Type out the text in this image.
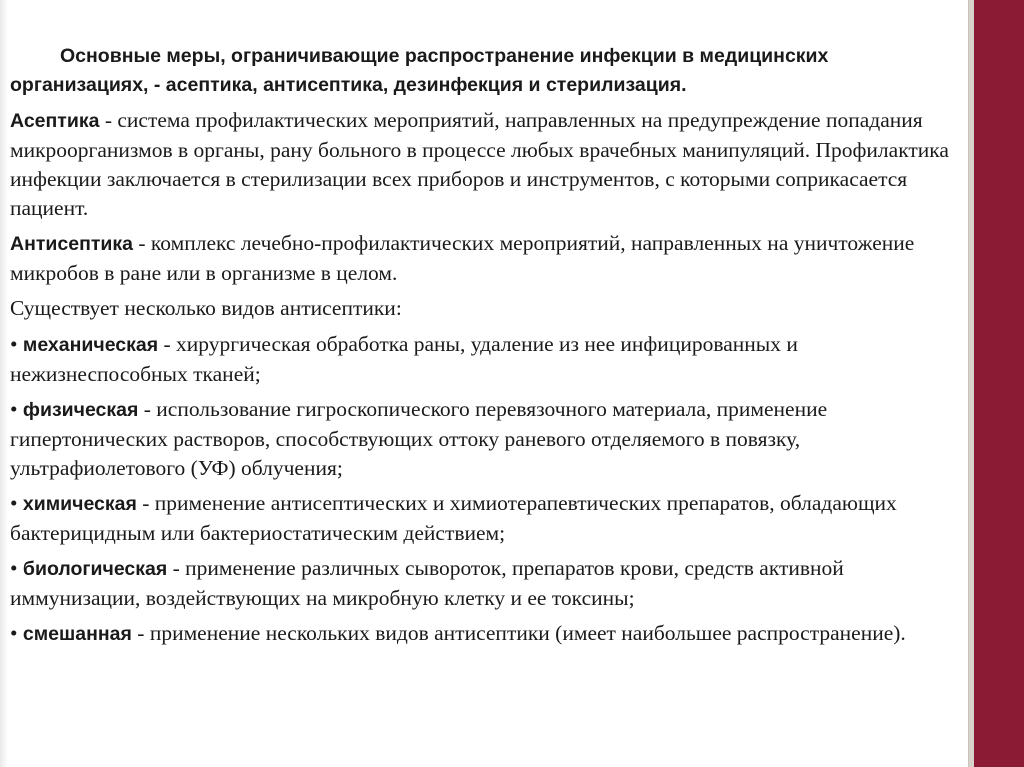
Основные меры, ограничивающие распространение инфекции в медицинских организациях, - асептика, антисептика, дезинфекция и стерилизация.

Асептика - система профилактических мероприятий, направленных на предупреждение попадания микроорганизмов в органы, рану больного в процессе любых врачебных манипуляций. Профилактика инфекции заключается в стерилизации всех приборов и инструментов, с которыми соприкасается пациент.

Антисептика - комплекс лечебно-профилактических мероприятий, направленных на уничтожение микробов в ране или в организме в целом.

Существует несколько видов антисептики:

• механическая - хирургическая обработка раны, удаление из нее инфицированных и нежизнеспособных тканей;

• физическая - использование гигроскопического перевязочного материала, применение гипертонических растворов, способствующих оттоку раневого отделяемого в повязку, ультрафиолетового (УФ) облучения;

• химическая - применение антисептических и химиотерапевтических препаратов, обладающих бактерицидным или бактериостатическим действием;

• биологическая - применение различных сывороток, препаратов крови, средств активной иммунизации, воздействующих на микробную клетку и ее токсины;

• смешанная - применение нескольких видов антисептики (имеет наибольшее распространение).
